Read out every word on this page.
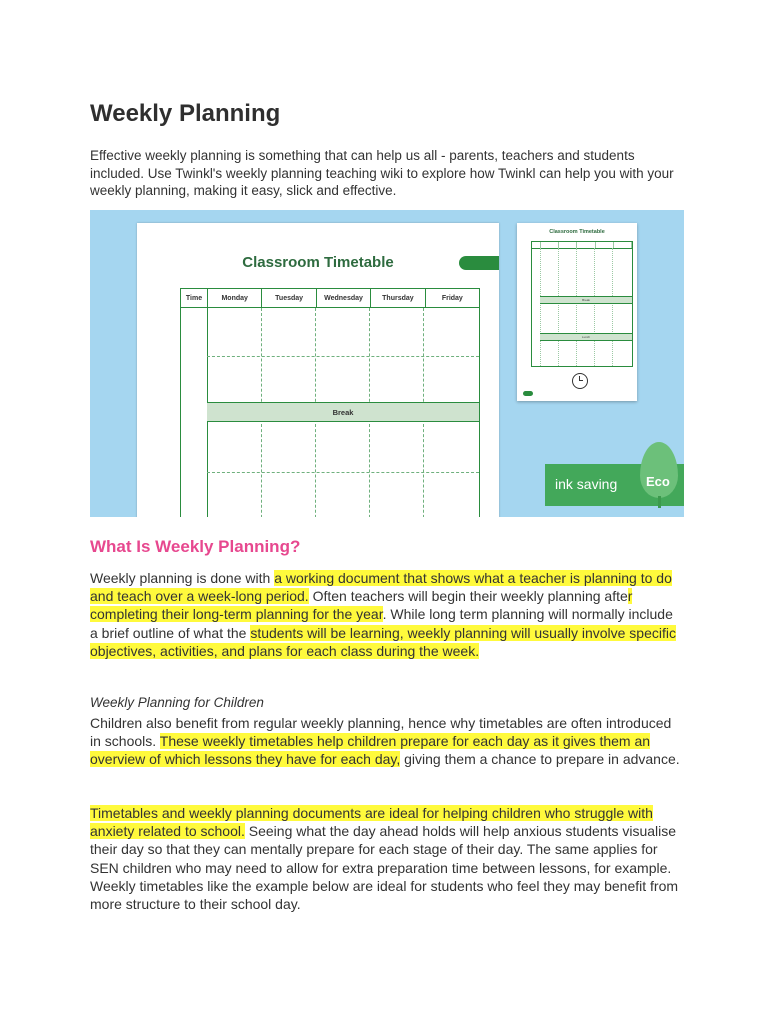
Weekly Planning

Effective weekly planning is something that can help us all - parents, teachers and students included. Use Twinkl's weekly planning teaching wiki to explore how Twinkl can help you with your weekly planning, making it easy, slick and effective.

Classroom Timetable
Time	Monday	Tuesday	Wednesday	Thursday	Friday
Break
Classroom Timetable
Break
Lunch
ink saving Eco
What Is Weekly Planning?

Weekly planning is done with a working document that shows what a teacher is planning to do and teach over a week-long period. Often teachers will begin their weekly planning after completing their long-term planning for the year. While long term planning will normally include a brief outline of what the students will be learning, weekly planning will usually involve specific objectives, activities, and plans for each class during the week.

Weekly Planning for Children

Children also benefit from regular weekly planning, hence why timetables are often introduced in schools. These weekly timetables help children prepare for each day as it gives them an overview of which lessons they have for each day, giving them a chance to prepare in advance.

Timetables and weekly planning documents are ideal for helping children who struggle with anxiety related to school. Seeing what the day ahead holds will help anxious students visualise their day so that they can mentally prepare for each stage of their day. The same applies for SEN children who may need to allow for extra preparation time between lessons, for example. Weekly timetables like the example below are ideal for students who feel they may benefit from more structure to their school day.
